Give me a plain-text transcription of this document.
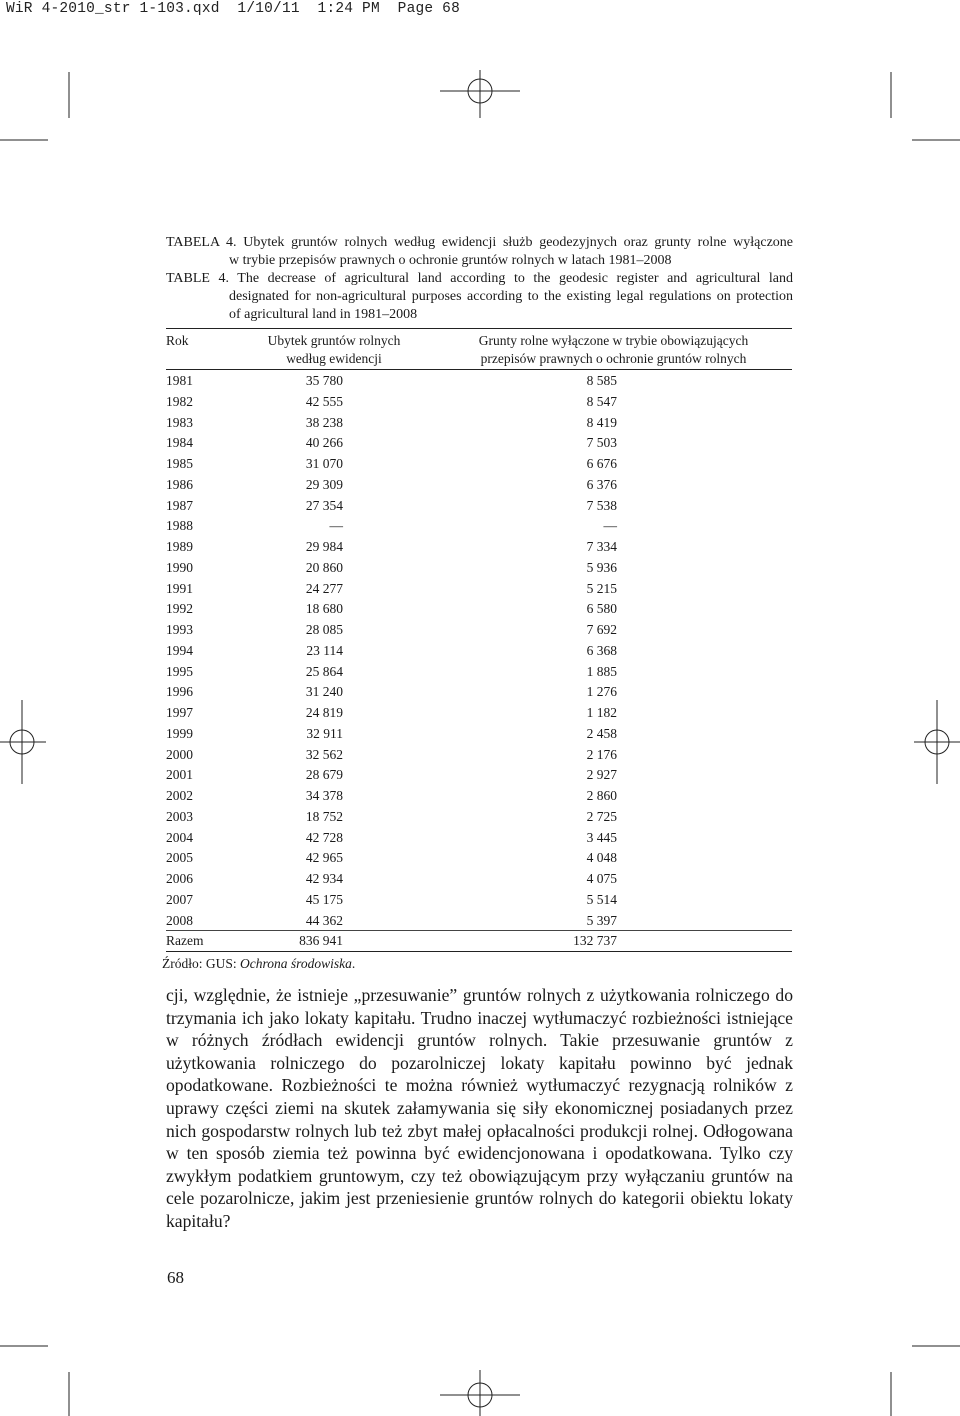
WiR 4-2010_str 1-103.qxd  1/10/11  1:24 PM  Page 68
TABELA 4. Ubytek gruntów rolnych według ewidencji służb geodezyjnych oraz grunty rolne wyłączone
w trybie przepisów prawnych o ochronie gruntów rolnych w latach 1981–2008
TABLE 4. The decrease of agricultural land according to the geodesic register and agricultural land
designated for non-agricultural purposes according to the existing legal regulations on protection
of agricultural land in 1981–2008
Rok	Ubytek gruntów rolnych
według ewidencji
Grunty rolne wyłączone w trybie obowiązujących
przepisów prawnych o ochronie gruntów rolnych
1981	35 780	8 585
1982	42 555	8 547
1983	38 238	8 419
1984	40 266	7 503
1985	31 070	6 676
1986	29 309	6 376
1987	27 354	7 538
1988	—	—
1989	29 984	7 334
1990	20 860	5 936
1991	24 277	5 215
1992	18 680	6 580
1993	28 085	7 692
1994	23 114	6 368
1995	25 864	1 885
1996	31 240	1 276
1997	24 819	1 182
1999	32 911	2 458
2000	32 562	2 176
2001	28 679	2 927
2002	34 378	2 860
2003	18 752	2 725
2004	42 728	3 445
2005	42 965	4 048
2006	42 934	4 075
2007	45 175	5 514
2008	44 362	5 397
Razem	836 941	132 737
Źródło: GUS: Ochrona środowiska.

cji, względnie, że istnieje „przesuwanie” gruntów rolnych z użytkowania rolniczego do trzymania ich jako lokaty kapitału. Trudno inaczej wytłumaczyć rozbieżności istniejące w różnych źródłach ewidencji gruntów rolnych. Takie przesuwanie gruntów z użytkowania rolniczego do pozarolniczej lokaty kapitału powinno być jednak opodatkowane. Rozbieżności te można również wytłumaczyć rezygnacją rolników z uprawy części ziemi na skutek załamywania się siły ekonomicznej posiadanych przez nich gospodarstw rolnych lub też zbyt małej opłacalności produkcji rolnej. Odłogowana w ten sposób ziemia też powinna być ewidencjonowana i opodatkowana. Tylko czy zwykłym podatkiem gruntowym, czy też obowiązującym przy wyłączaniu gruntów na cele pozarolnicze, jakim jest przeniesienie gruntów rolnych do kategorii obiektu lokaty kapitału?

68
